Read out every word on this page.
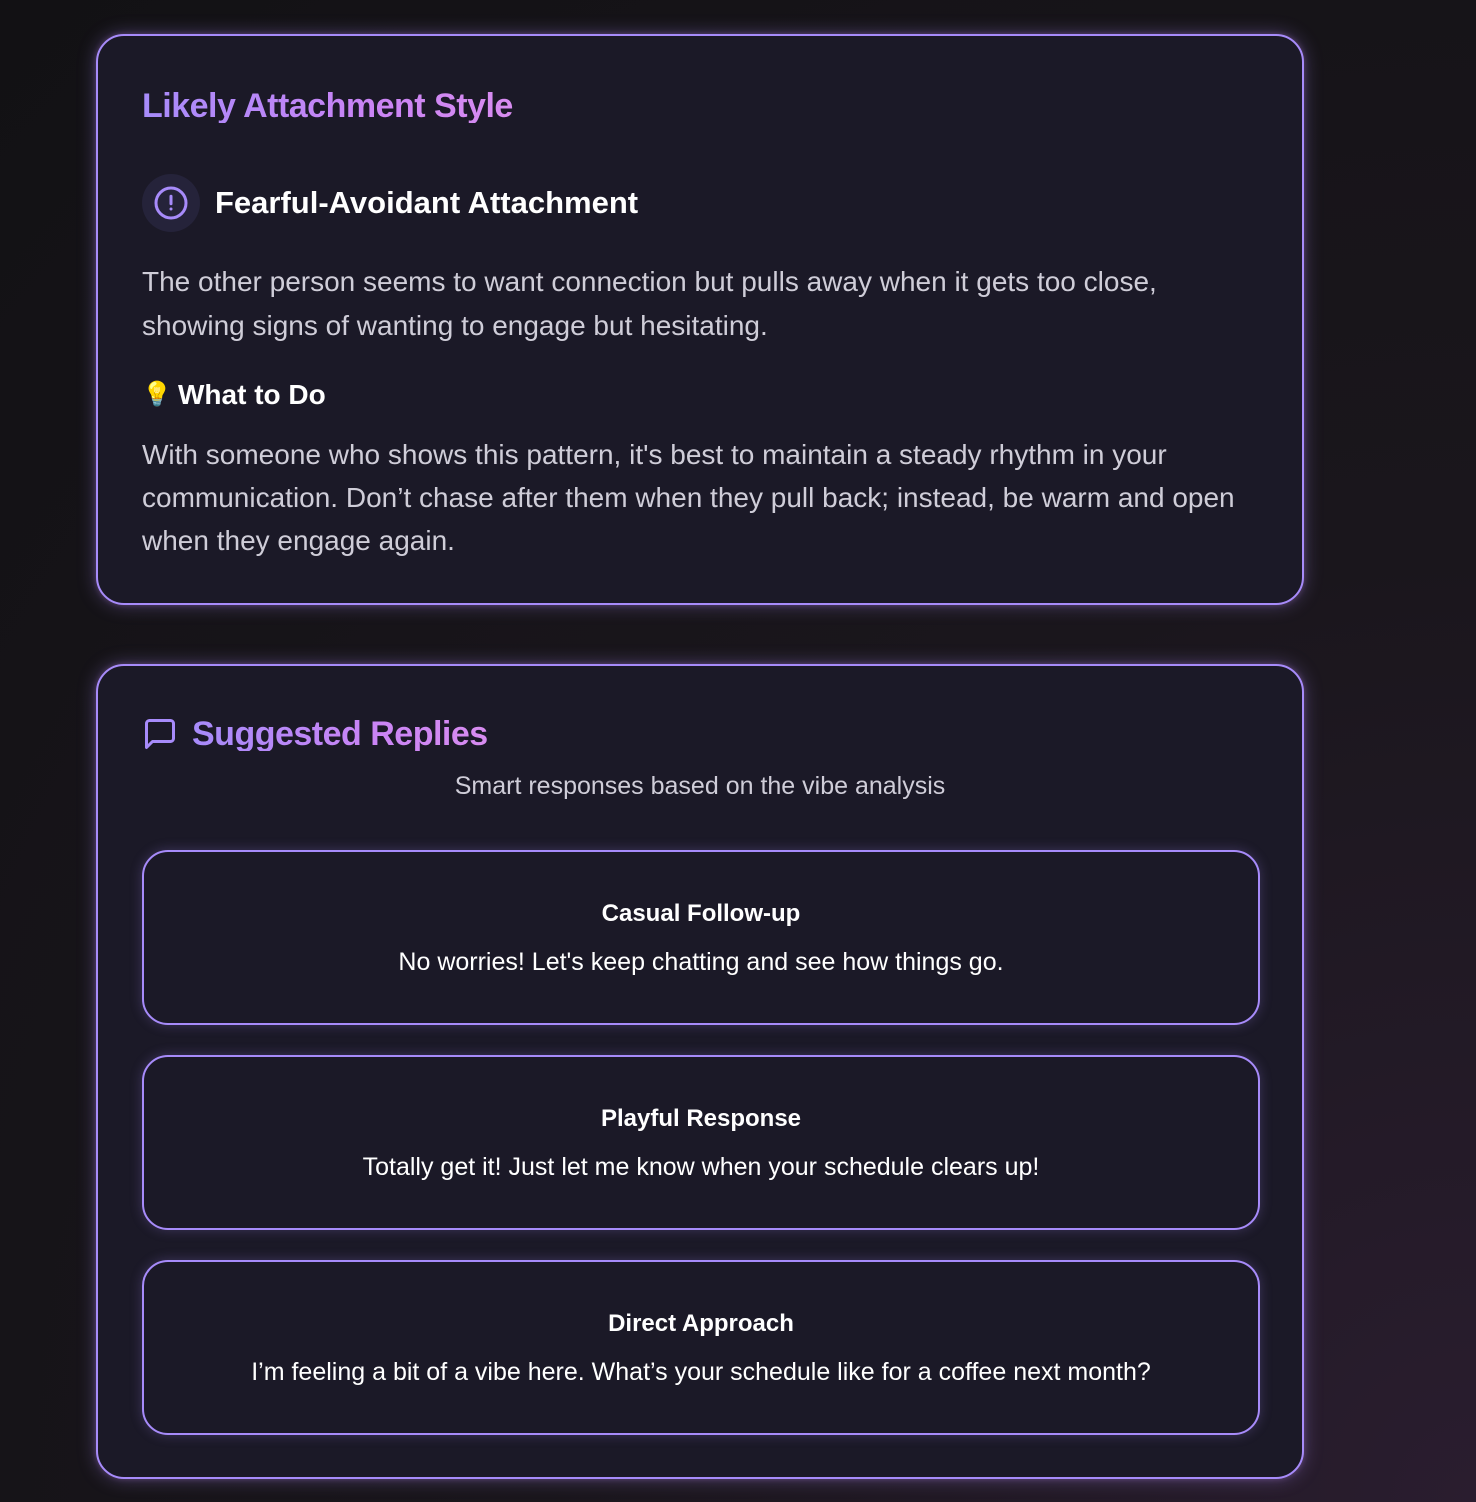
Likely Attachment Style
Fearful-Avoidant Attachment

The other person seems to want connection but pulls away when it gets too close, showing signs of wanting to engage but hesitating.

💡 What to Do

With someone who shows this pattern, it's best to maintain a steady rhythm in your communication. Don’t chase after them when they pull back; instead, be warm and open when they engage again.

Suggested Replies
Smart responses based on the vibe analysis
Casual Follow-up
No worries! Let's keep chatting and see how things go.
Playful Response
Totally get it! Just let me know when your schedule clears up!
Direct Approach
I’m feeling a bit of a vibe here. What’s your schedule like for a coffee next month?
